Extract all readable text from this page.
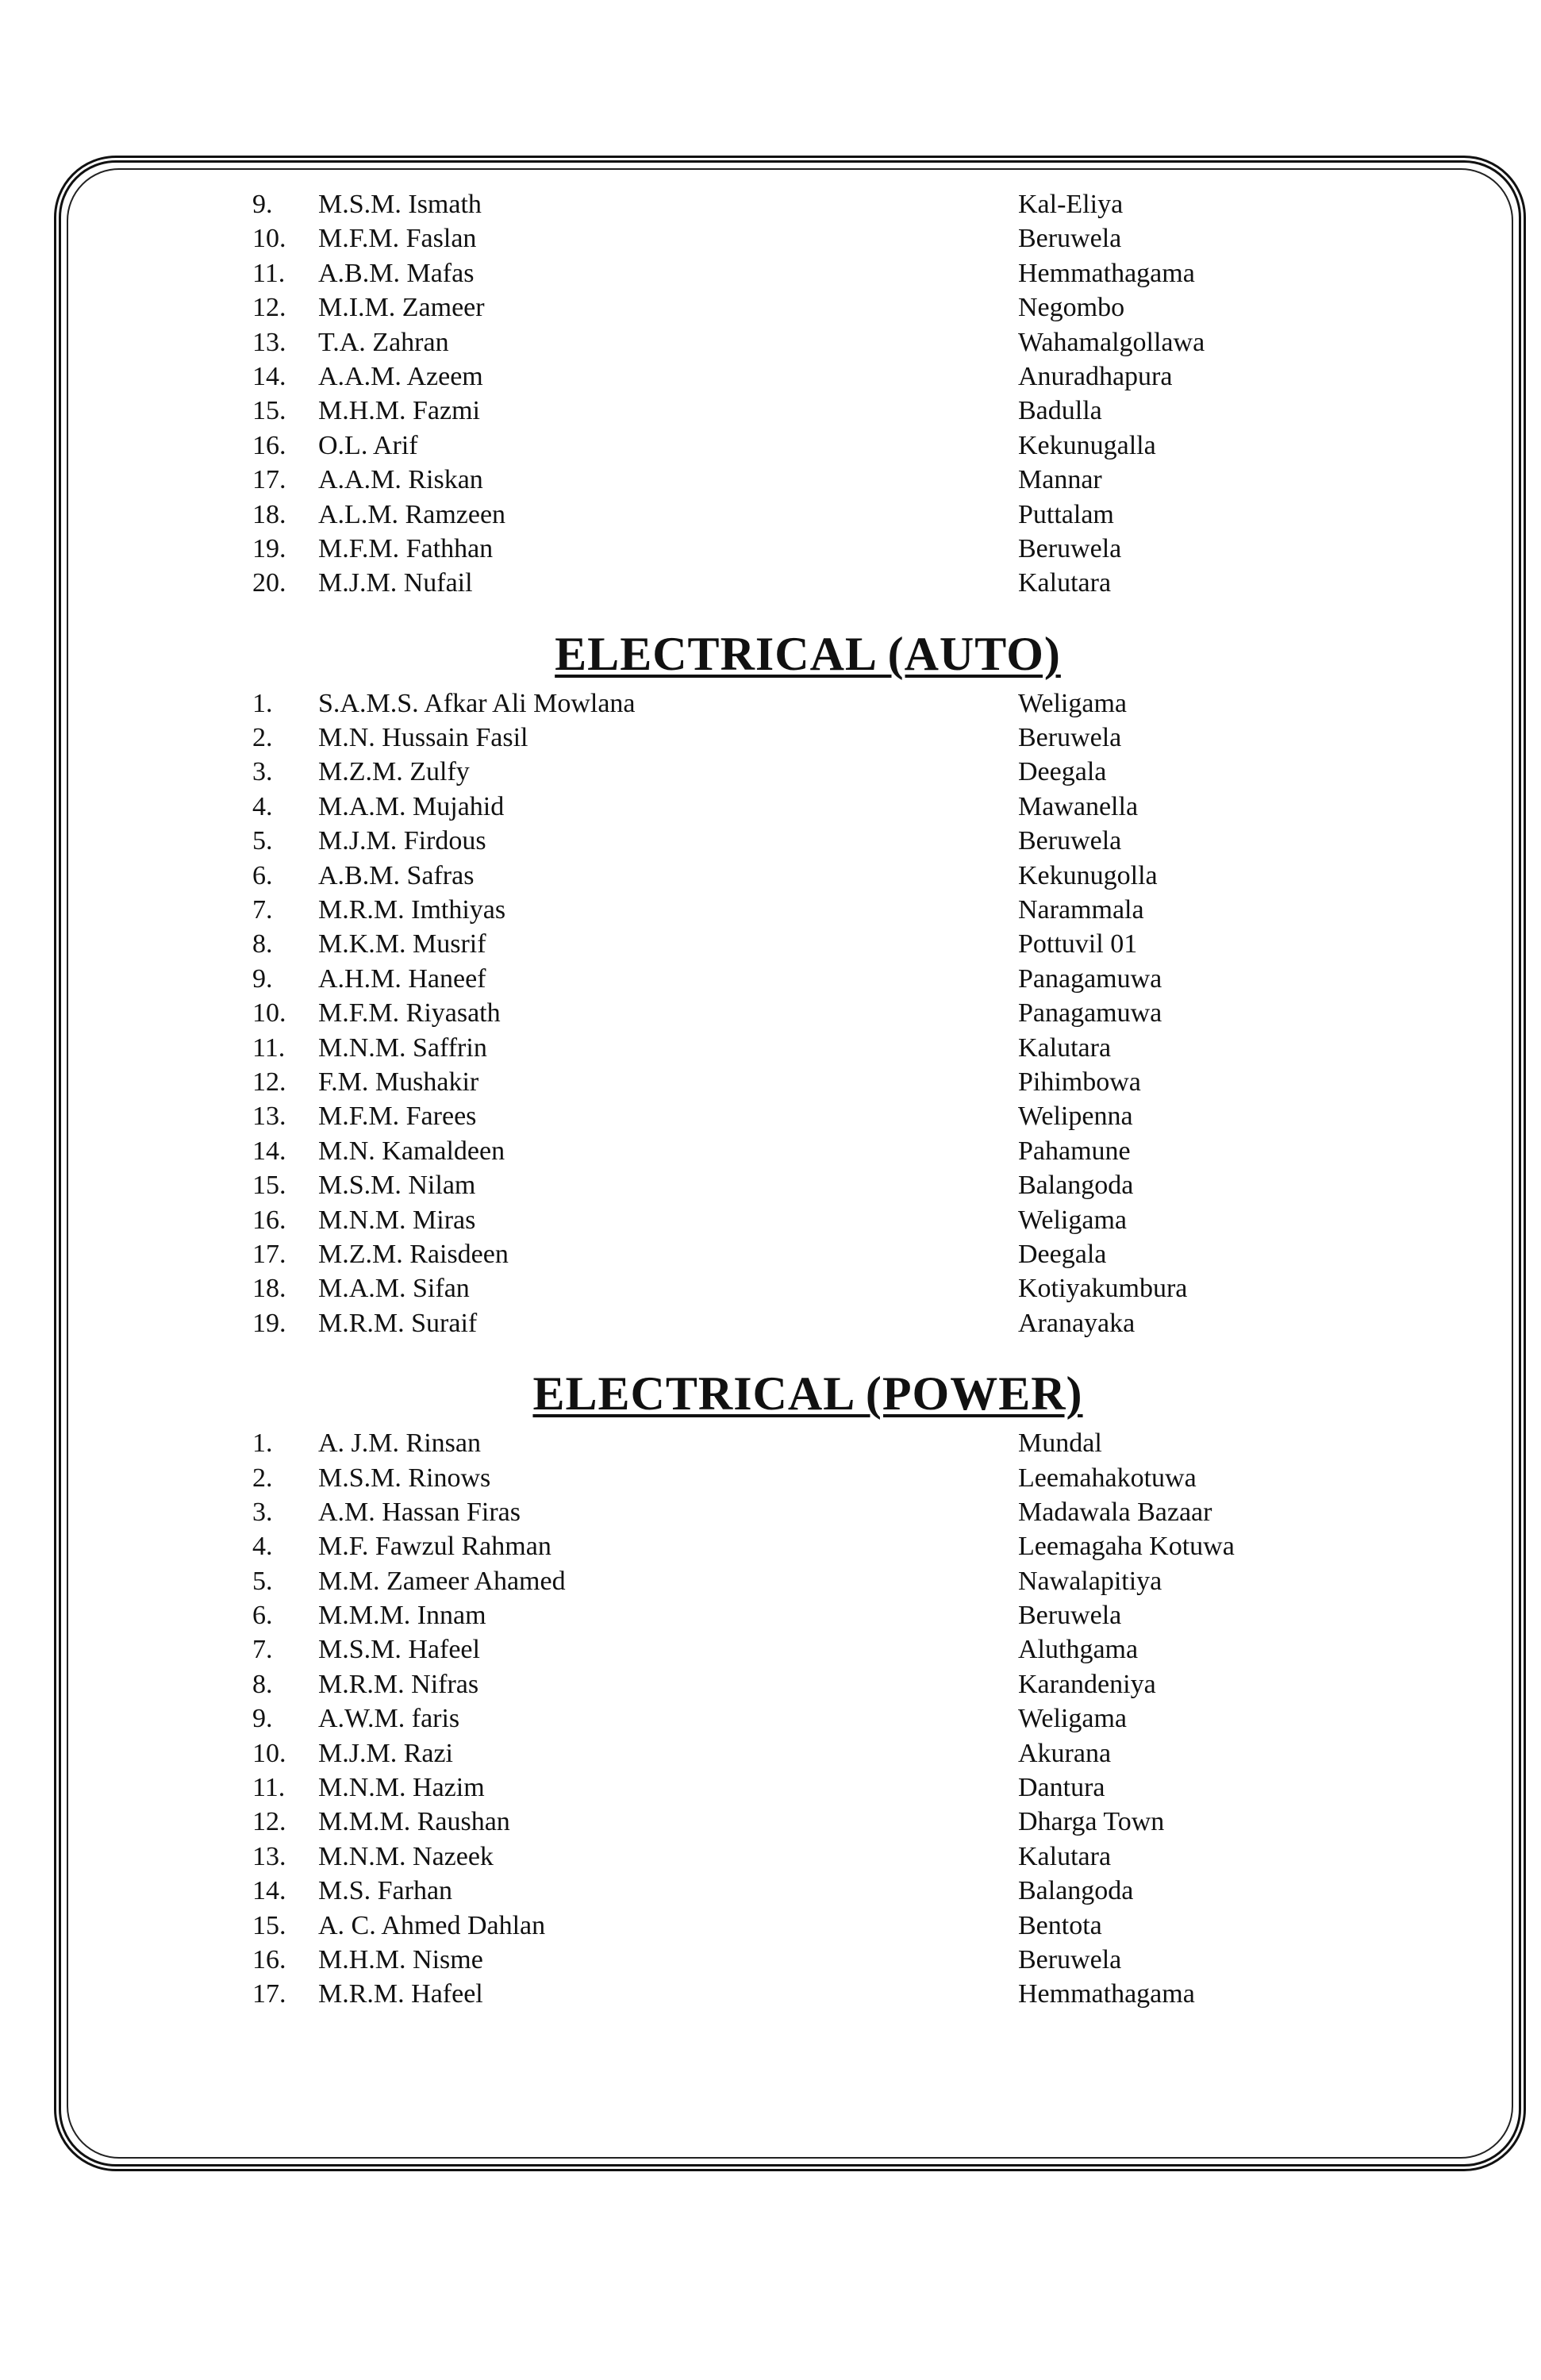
9. M.S.M. Ismath	Kal-Eliya
10. M.F.M. Faslan	Beruwela
11. A.B.M. Mafas	Hemmathagama
12. M.I.M. Zameer	Negombo
13. T.A. Zahran	Wahamalgollawa
14. A.A.M. Azeem	Anuradhapura
15. M.H.M. Fazmi	Badulla
16. O.L. Arif	Kekunugalla
17. A.A.M. Riskan	Mannar
18. A.L.M. Ramzeen	Puttalam
19. M.F.M. Fathhan	Beruwela
20. M.J.M. Nufail	Kalutara
ELECTRICAL (AUTO)
1. S.A.M.S. Afkar Ali Mowlana	Weligama
2. M.N. Hussain Fasil	Beruwela
3. M.Z.M. Zulfy	Deegala
4. M.A.M. Mujahid	Mawanella
5. M.J.M. Firdous	Beruwela
6. A.B.M. Safras	Kekunugolla
7. M.R.M. Imthiyas	Narammala
8. M.K.M. Musrif	Pottuvil 01
9. A.H.M. Haneef	Panagamuwa
10. M.F.M. Riyasath	Panagamuwa
11. M.N.M. Saffrin	Kalutara
12. F.M. Mushakir	Pihimbowa
13. M.F.M. Farees	Welipenna
14. M.N. Kamaldeen	Pahamune
15. M.S.M. Nilam	Balangoda
16. M.N.M. Miras	Weligama
17. M.Z.M. Raisdeen	Deegala
18. M.A.M. Sifan	Kotiyakumbura
19. M.R.M. Suraif	Aranayaka
ELECTRICAL (POWER)
1. A. J.M. Rinsan	Mundal
2. M.S.M. Rinows	Leemahakotuwa
3. A.M. Hassan Firas	Madawala Bazaar
4. M.F. Fawzul Rahman	Leemagaha Kotuwa
5. M.M. Zameer Ahamed	Nawalapitiya
6. M.M.M. Innam	Beruwela
7. M.S.M. Hafeel	Aluthgama
8. M.R.M. Nifras	Karandeniya
9. A.W.M. faris	Weligama
10. M.J.M. Razi	Akurana
11. M.N.M. Hazim	Dantura
12. M.M.M. Raushan	Dharga Town
13. M.N.M. Nazeek	Kalutara
14. M.S. Farhan	Balangoda
15. A. C. Ahmed Dahlan	Bentota
16. M.H.M. Nisme	Beruwela
17. M.R.M. Hafeel	Hemmathagama
